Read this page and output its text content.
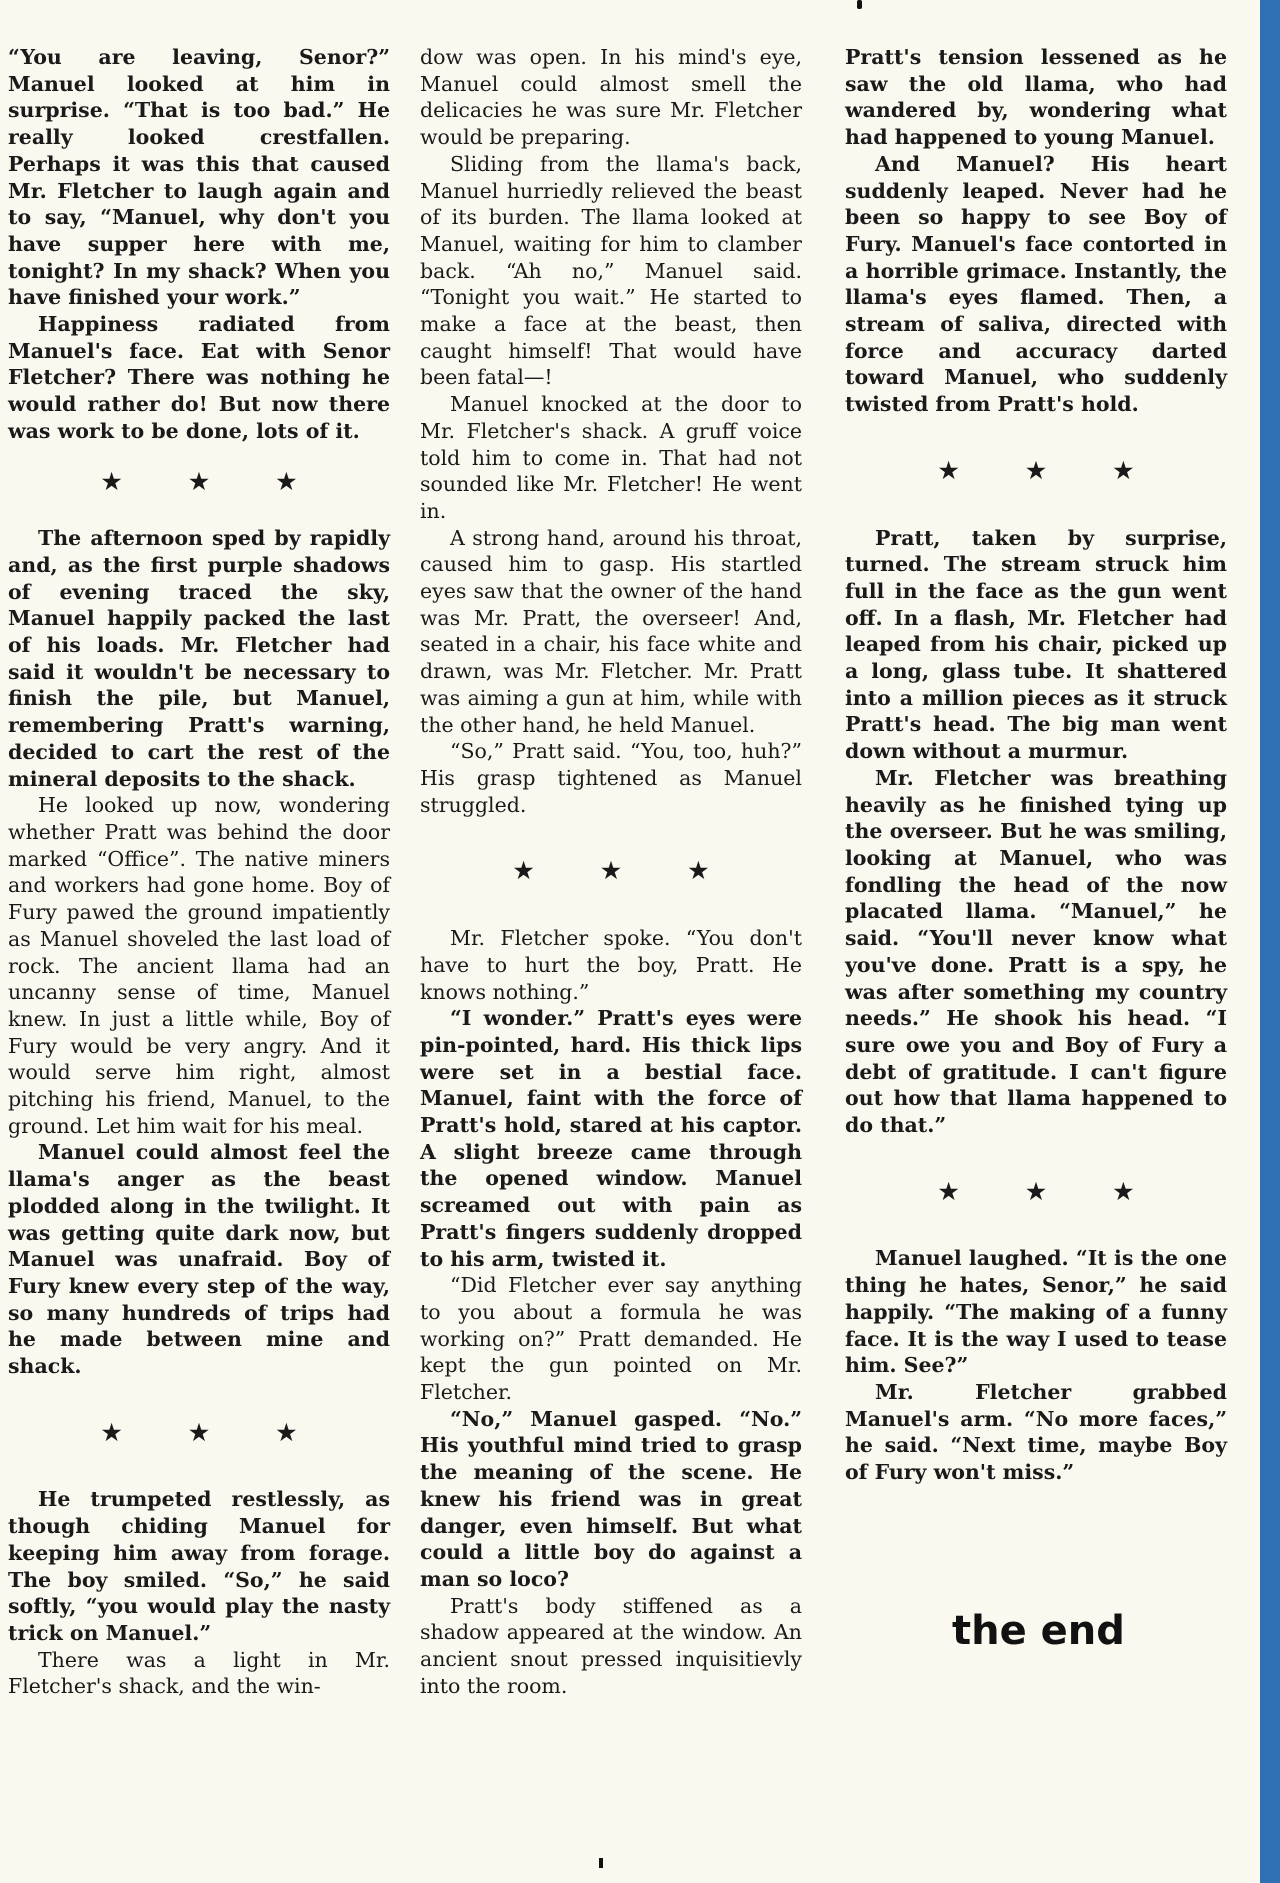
“You are leaving, Senor?” Manuel looked at him in surprise. “That is too bad.” He really looked crestfallen. Perhaps it was this that caused Mr. Fletcher to laugh again and to say, “Manuel, why don't you have supper here with me, tonight? In my shack? When you have finished your work.”

Happiness radiated from Manuel's face. Eat with Senor Fletcher? There was nothing he would rather do! But now there was work to be done, lots of it.

★ ★ ★

The afternoon sped by rapidly and, as the first purple shadows of evening traced the sky, Manuel happily packed the last of his loads. Mr. Fletcher had said it wouldn't be necessary to finish the pile, but Manuel, remembering Pratt's warning, decided to cart the rest of the mineral deposits to the shack.

He looked up now, wondering whether Pratt was behind the door marked “Office”. The native miners and workers had gone home. Boy of Fury pawed the ground impatiently as Manuel shoveled the last load of rock. The ancient llama had an uncanny sense of time, Manuel knew. In just a little while, Boy of Fury would be very angry. And it would serve him right, almost pitching his friend, Manuel, to the ground. Let him wait for his meal.

Manuel could almost feel the llama's anger as the beast plodded along in the twilight. It was getting quite dark now, but Manuel was unafraid. Boy of Fury knew every step of the way, so many hundreds of trips had he made between mine and shack.

★ ★ ★

He trumpeted restlessly, as though chiding Manuel for keeping him away from forage. The boy smiled. “So,” he said softly, “you would play the nasty trick on Manuel.”

There was a light in Mr. Fletcher's shack, and the win-

dow was open. In his mind's eye, Manuel could almost smell the delicacies he was sure Mr. Fletcher would be preparing.

Sliding from the llama's back, Manuel hurriedly relieved the beast of its burden. The llama looked at Manuel, waiting for him to clamber back. “Ah no,” Manuel said. “Tonight you wait.” He started to make a face at the beast, then caught himself! That would have been fatal—!

Manuel knocked at the door to Mr. Fletcher's shack. A gruff voice told him to come in. That had not sounded like Mr. Fletcher! He went in.

A strong hand, around his throat, caused him to gasp. His startled eyes saw that the owner of the hand was Mr. Pratt, the overseer! And, seated in a chair, his face white and drawn, was Mr. Fletcher. Mr. Pratt was aiming a gun at him, while with the other hand, he held Manuel.

“So,” Pratt said. “You, too, huh?” His grasp tightened as Manuel struggled.

★ ★ ★

Mr. Fletcher spoke. “You don't have to hurt the boy, Pratt. He knows nothing.”

“I wonder.” Pratt's eyes were pin-pointed, hard. His thick lips were set in a bestial face. Manuel, faint with the force of Pratt's hold, stared at his captor. A slight breeze came through the opened window. Manuel screamed out with pain as Pratt's fingers suddenly dropped to his arm, twisted it.

“Did Fletcher ever say anything to you about a formula he was working on?” Pratt demanded. He kept the gun pointed on Mr. Fletcher.

“No,” Manuel gasped. “No.” His youthful mind tried to grasp the meaning of the scene. He knew his friend was in great danger, even himself. But what could a little boy do against a man so loco?

Pratt's body stiffened as a shadow appeared at the window. An ancient snout pressed inquisitievly into the room.

Pratt's tension lessened as he saw the old llama, who had wandered by, wondering what had happened to young Manuel.

And Manuel? His heart suddenly leaped. Never had he been so happy to see Boy of Fury. Manuel's face contorted in a horrible grimace. Instantly, the llama's eyes flamed. Then, a stream of saliva, directed with force and accuracy darted toward Manuel, who suddenly twisted from Pratt's hold.

★ ★ ★

Pratt, taken by surprise, turned. The stream struck him full in the face as the gun went off. In a flash, Mr. Fletcher had leaped from his chair, picked up a long, glass tube. It shattered into a million pieces as it struck Pratt's head. The big man went down without a murmur.

Mr. Fletcher was breathing heavily as he finished tying up the overseer. But he was smiling, looking at Manuel, who was fondling the head of the now placated llama. “Manuel,” he said. “You'll never know what you've done. Pratt is a spy, he was after something my country needs.” He shook his head. “I sure owe you and Boy of Fury a debt of gratitude. I can't figure out how that llama happened to do that.”

★ ★ ★

Manuel laughed. “It is the one thing he hates, Senor,” he said happily. “The making of a funny face. It is the way I used to tease him. See?”

Mr. Fletcher grabbed Manuel's arm. “No more faces,” he said. “Next time, maybe Boy of Fury won't miss.”

the end
